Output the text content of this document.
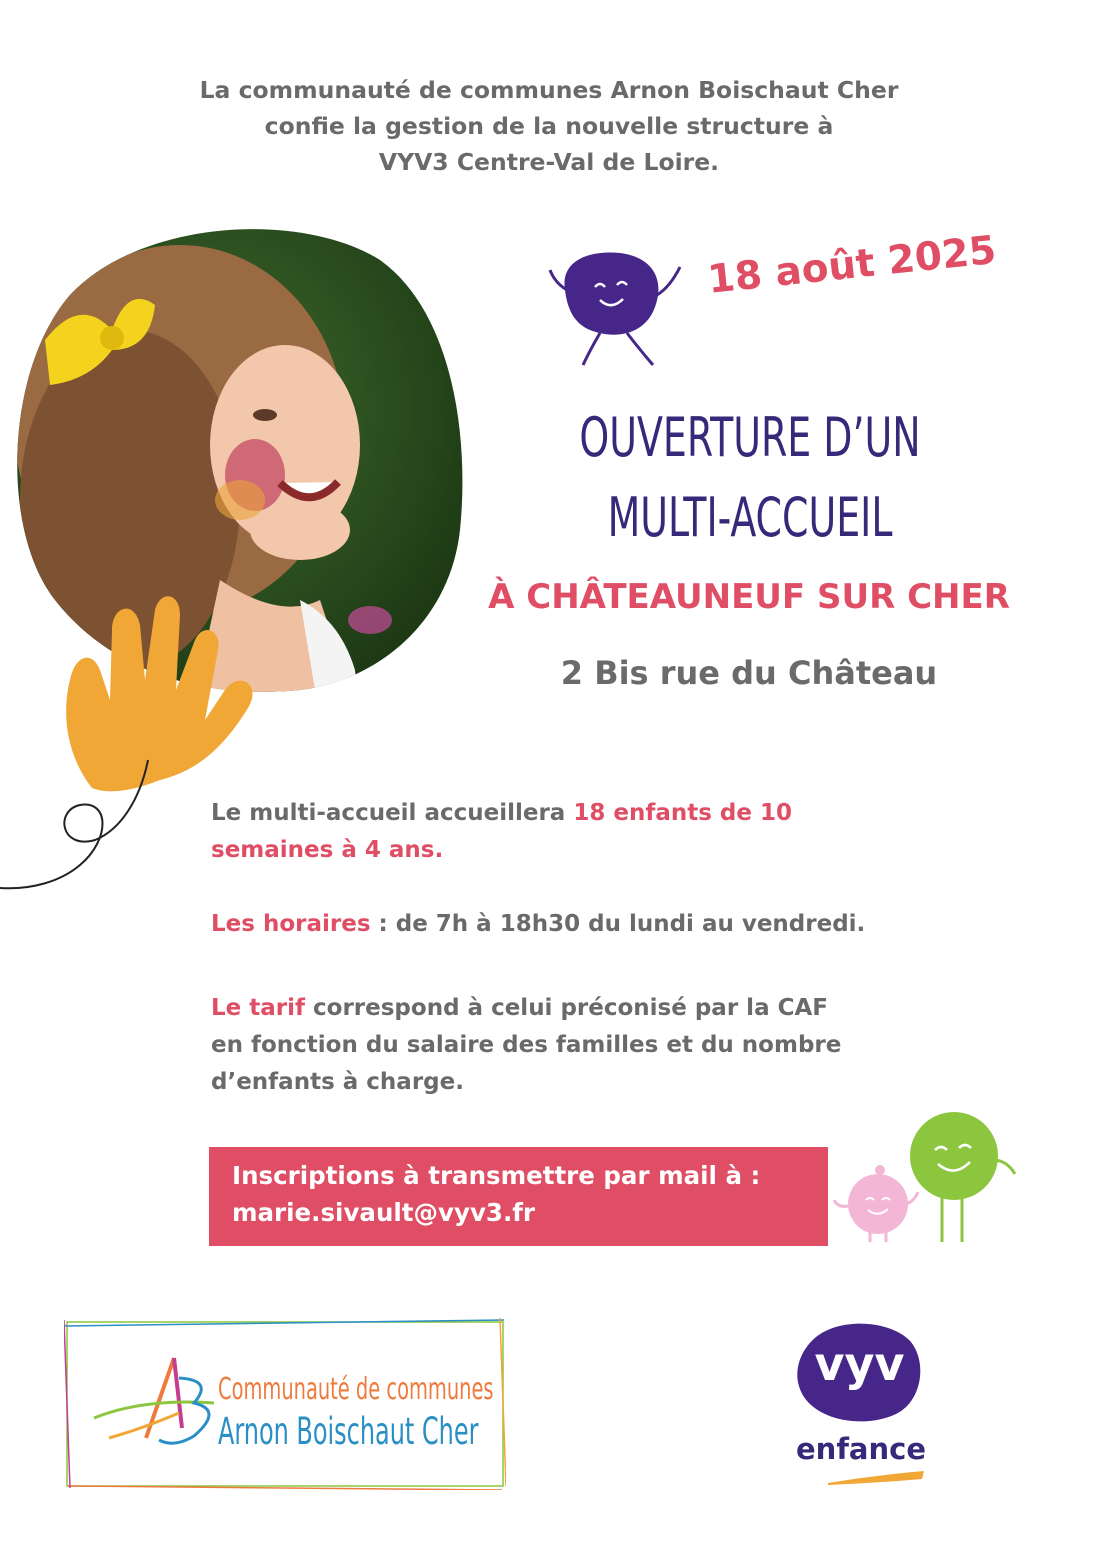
La communauté de communes Arnon Boischaut Cher
confie la gestion de la nouvelle structure à
VYV3 Centre-Val de Loire.
18 août 2025
OUVERTURE D’UN
MULTI-ACCUEIL
À CHÂTEAUNEUF SUR CHER
2 Bis rue du Château
Le multi-accueil accueillera 18 enfants de 10
semaines à 4 ans.
Les horaires : de 7h à 18h30 du lundi au vendredi.
Le tarif correspond à celui préconisé par la CAF
en fonction du salaire des familles et du nombre
d’enfants à charge.
Inscriptions à transmettre par mail à :
marie.sivault@vyv3.fr
Communauté de communes
Arnon Boischaut Cher
vyv
enfance
